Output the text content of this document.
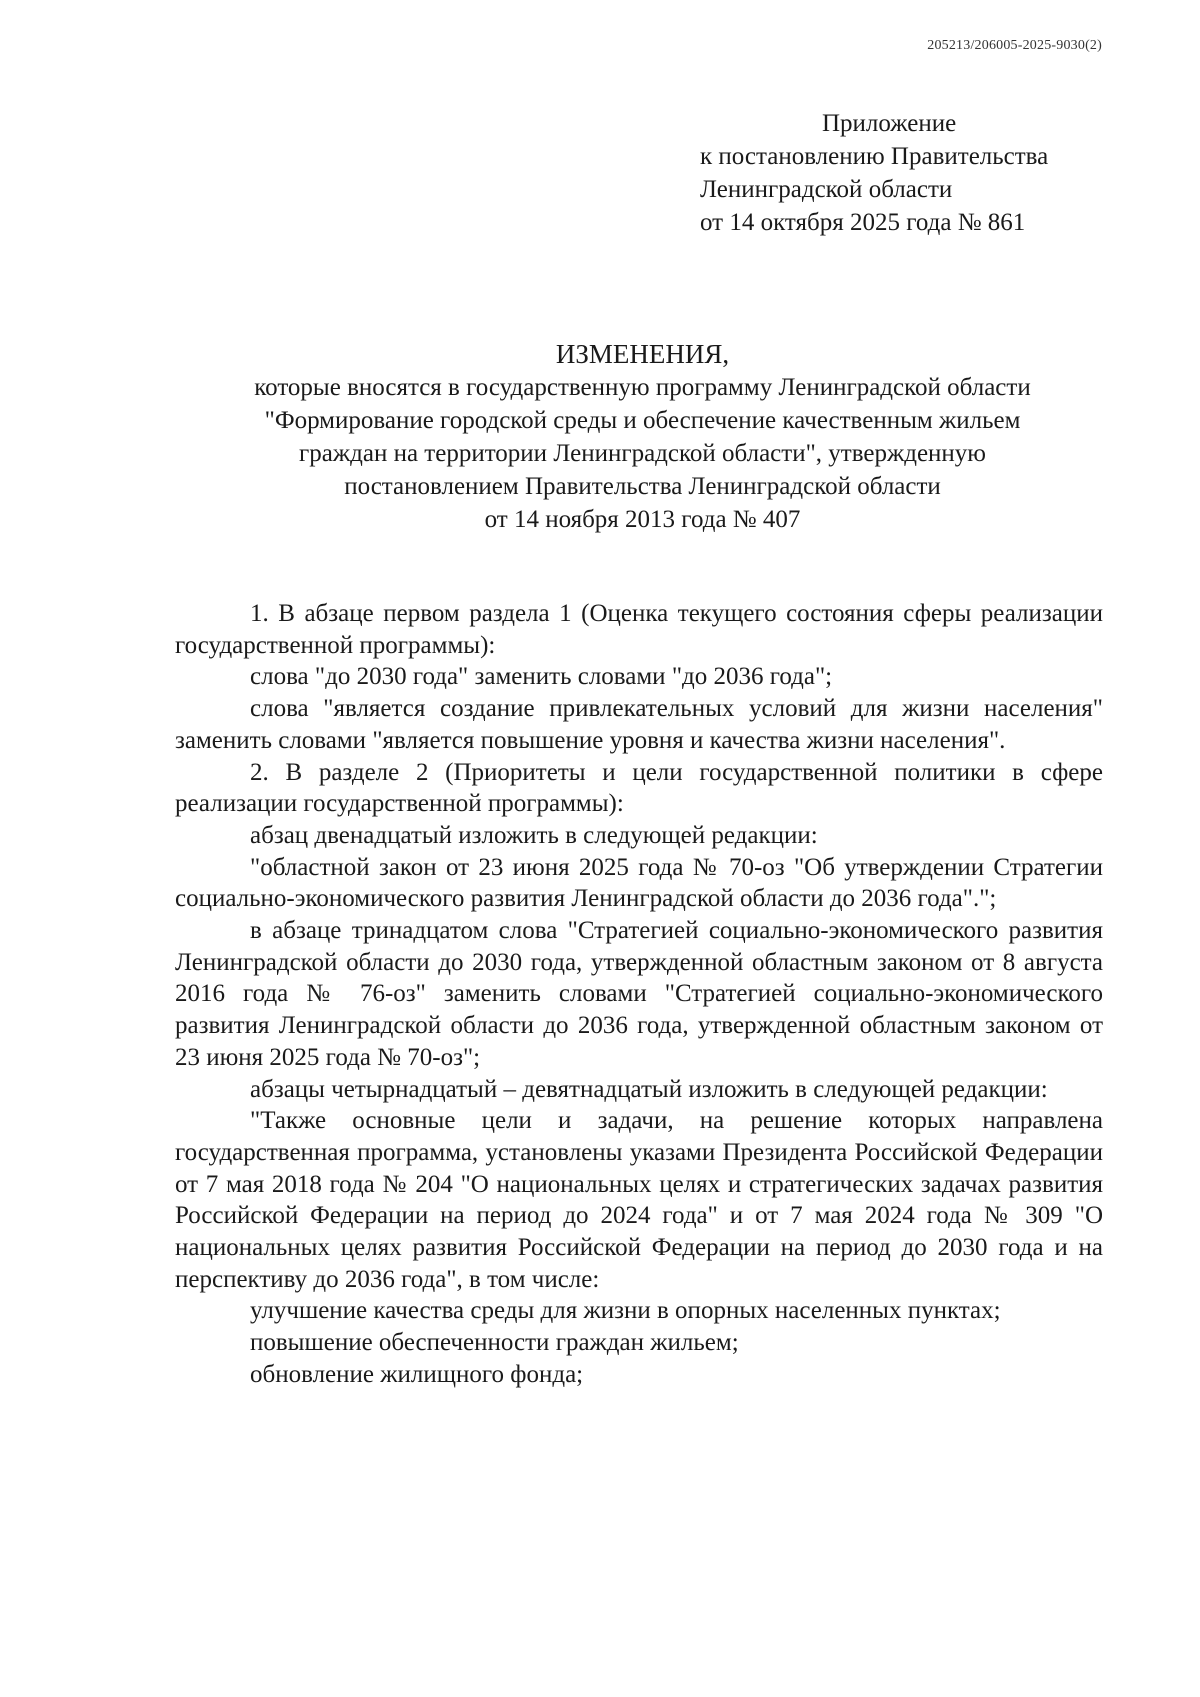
205213/206005-2025-9030(2)
Приложение
к постановлению Правительства
Ленинградской области
от 14 октября 2025 года № 861
ИЗМЕНЕНИЯ,
которые вносятся в государственную программу Ленинградской области
"Формирование городской среды и обеспечение качественным жильем
граждан на территории Ленинградской области", утвержденную
постановлением Правительства Ленинградской области
от 14 ноября 2013 года № 407

1. В абзаце первом раздела 1 (Оценка текущего состояния сферы реализации государственной программы):

слова "до 2030 года" заменить словами "до 2036 года";

слова "является создание привлекательных условий для жизни населения" заменить словами "является повышение уровня и качества жизни населения".

2. В разделе 2 (Приоритеты и цели государственной политики в сфере реализации государственной программы):

абзац двенадцатый изложить в следующей редакции:

"областной закон от 23 июня 2025 года № 70-оз "Об утверждении Стратегии социально-экономического развития Ленинградской области до 2036 года".";

в абзаце тринадцатом слова "Стратегией социально-экономического развития Ленинградской области до 2030 года, утвержденной областным законом от 8 августа 2016 года № 76-оз" заменить словами "Стратегией социально-экономического развития Ленинградской области до 2036 года, утвержденной областным законом от 23 июня 2025 года № 70-оз";

абзацы четырнадцатый – девятнадцатый изложить в следующей редакции:

"Также основные цели и задачи, на решение которых направлена государственная программа, установлены указами Президента Российской Федерации от 7 мая 2018 года № 204 "О национальных целях и стратегических задачах развития Российской Федерации на период до 2024 года" и от 7 мая 2024 года № 309 "О национальных целях развития Российской Федерации на период до 2030 года и на перспективу до 2036 года", в том числе:

улучшение качества среды для жизни в опорных населенных пунктах;

повышение обеспеченности граждан жильем;

обновление жилищного фонда;
